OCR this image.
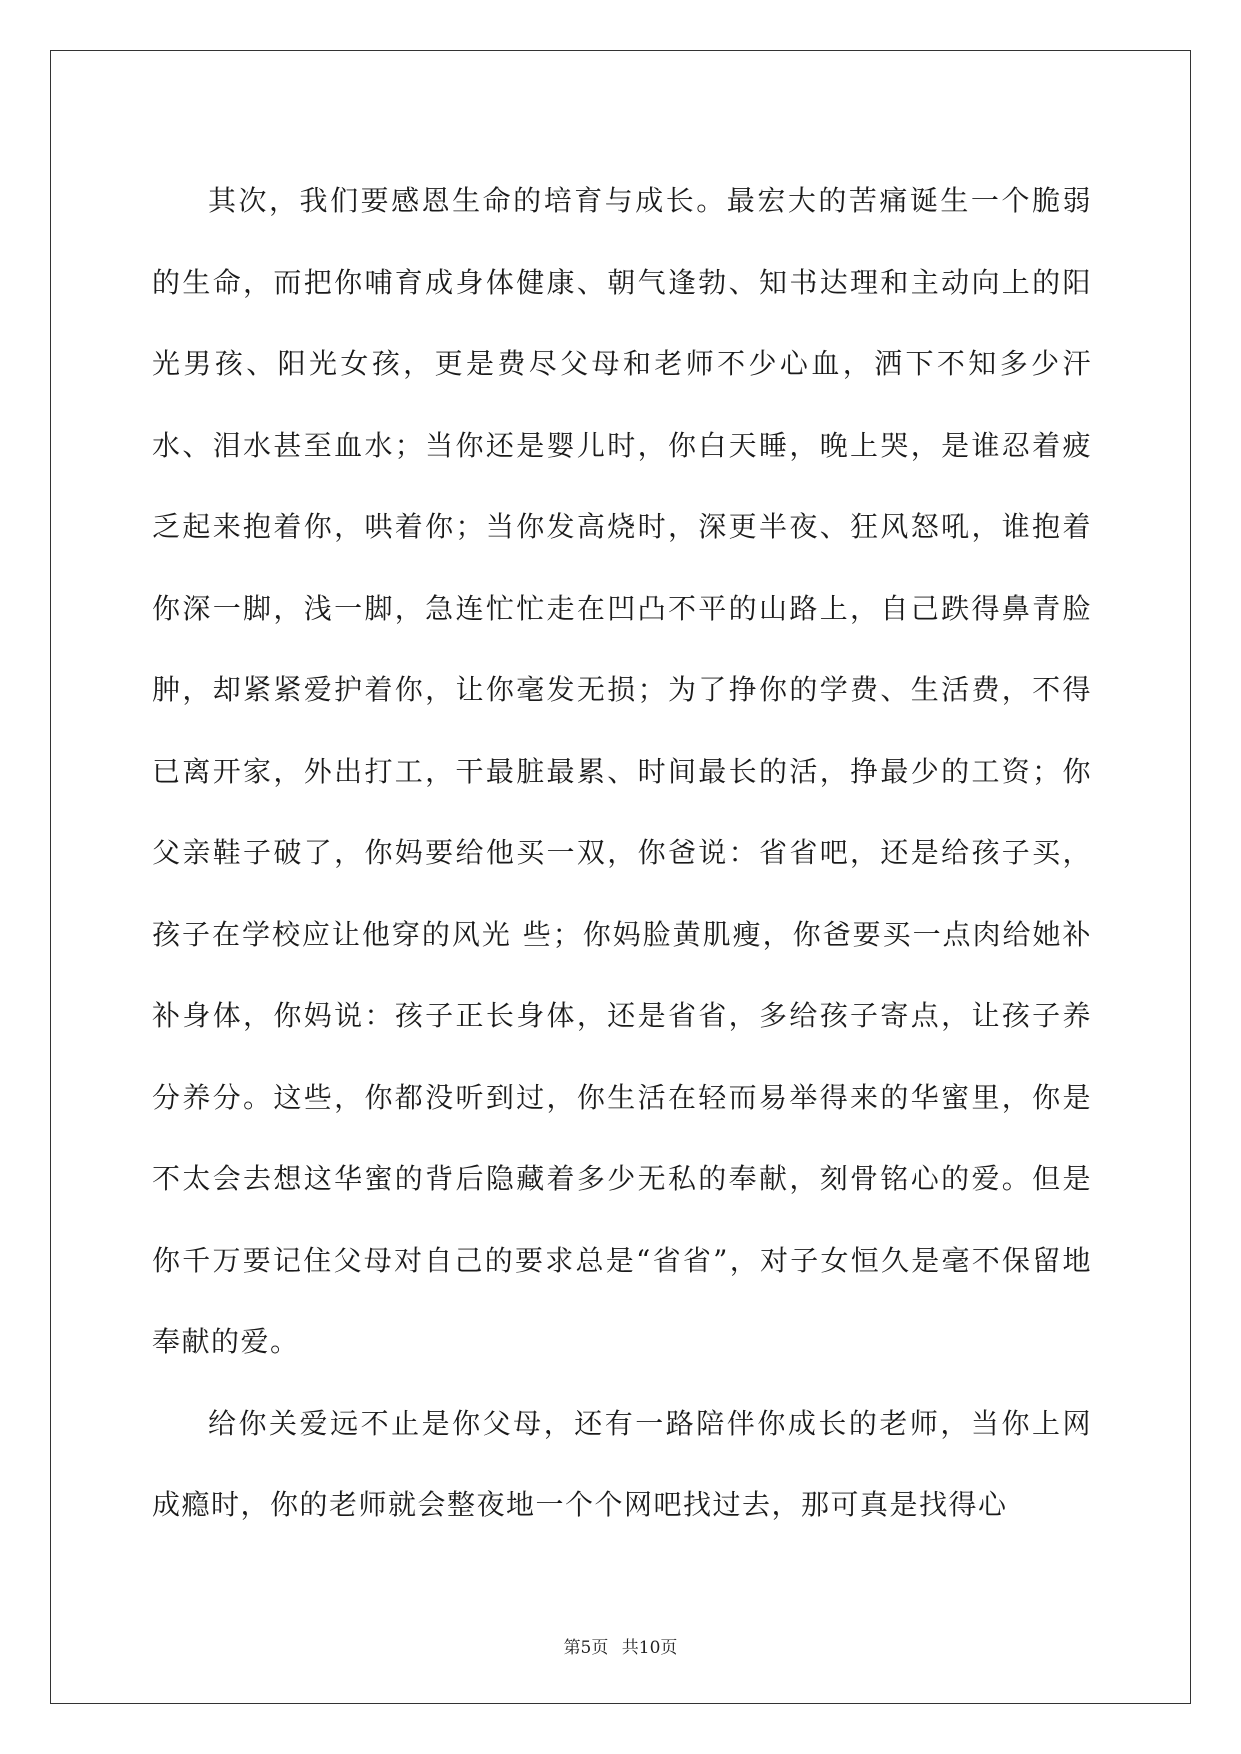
其次，我们要感恩生命的培育与成长。最宏大的苦痛诞生一个脆弱的生命，而把你哺育成身体健康、朝气逢勃、知书达理和主动向上的阳光男孩、阳光女孩，更是费尽父母和老师不少心血，洒下不知多少汗水、泪水甚至血水；当你还是婴儿时，你白天睡，晚上哭，是谁忍着疲乏起来抱着你，哄着你；当你发高烧时，深更半夜、狂风怒吼，谁抱着你深一脚，浅一脚，急连忙忙走在凹凸不平的山路上，自己跌得鼻青脸肿，却紧紧爱护着你，让你毫发无损；为了挣你的学费、生活费，不得已离开家，外出打工，干最脏最累、时间最长的活，挣最少的工资；你父亲鞋子破了，你妈要给他买一双，你爸说：省省吧，还是给孩子买，孩子在学校应让他穿的风光 些；你妈脸黄肌瘦，你爸要买一点肉给她补补身体，你妈说：孩子正长身体，还是省省，多给孩子寄点，让孩子养分养分。这些，你都没听到过，你生活在轻而易举得来的华蜜里，你是不太会去想这华蜜的背后隐藏着多少无私的奉献，刻骨铭心的爱。但是你千万要记住父母对自己的要求总是“省省”，对子女恒久是毫不保留地奉献的爱。

给你关爱远不止是你父母，还有一路陪伴你成长的老师，当你上网成瘾时，你的老师就会整夜地一个个网吧找过去，那可真是找得心

第5页 共10页
